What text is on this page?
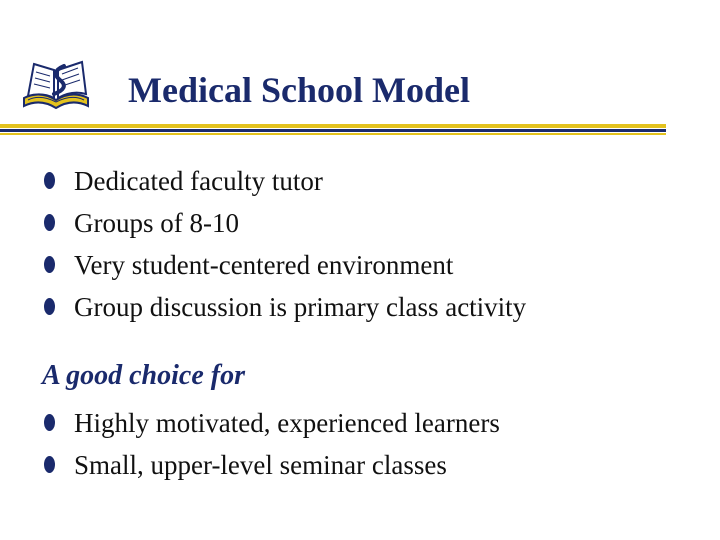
Medical School Model
Dedicated faculty tutor
Groups of 8-10
Very student-centered environment
Group discussion is primary class activity
A good choice for
Highly motivated, experienced learners
Small, upper-level seminar classes
